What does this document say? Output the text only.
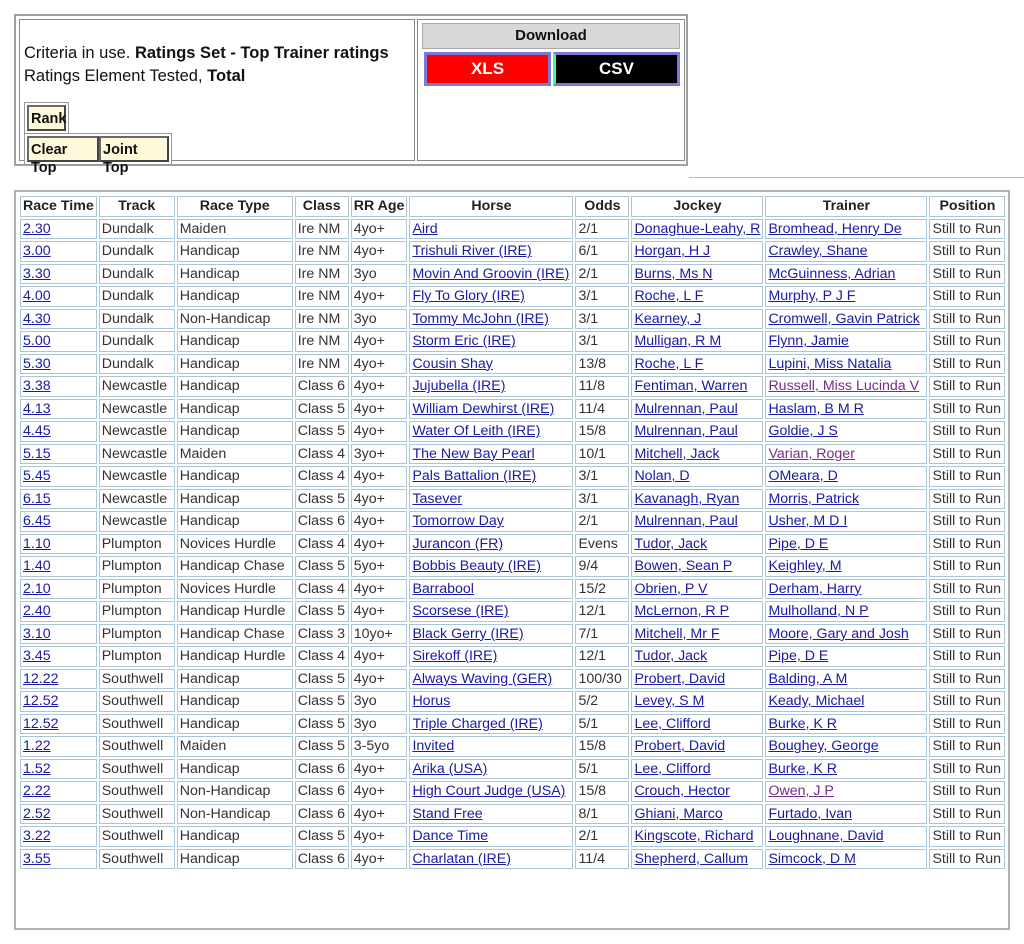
Criteria in use. Ratings Set - Top Trainer ratings
Ratings Element Tested, Total
Rank
Clear Top
Joint Top
Download
XLS	CSV
Race Time	Track	Race Type	Class	RR Age	Horse	Odds	Jockey	Trainer	Position
2.30	Dundalk	Maiden	Ire NM	4yo+	Aird	2/1	Donaghue-Leahy, R	Bromhead, Henry De	Still to Run
3.00	Dundalk	Handicap	Ire NM	4yo+	Trishuli River (IRE)	6/1	Horgan, H J	Crawley, Shane	Still to Run
3.30	Dundalk	Handicap	Ire NM	3yo	Movin And Groovin (IRE)	2/1	Burns, Ms N	McGuinness, Adrian	Still to Run
4.00	Dundalk	Handicap	Ire NM	4yo+	Fly To Glory (IRE)	3/1	Roche, L F	Murphy, P J F	Still to Run
4.30	Dundalk	Non-Handicap	Ire NM	3yo	Tommy McJohn (IRE)	3/1	Kearney, J	Cromwell, Gavin Patrick	Still to Run
5.00	Dundalk	Handicap	Ire NM	4yo+	Storm Eric (IRE)	3/1	Mulligan, R M	Flynn, Jamie	Still to Run
5.30	Dundalk	Handicap	Ire NM	4yo+	Cousin Shay	13/8	Roche, L F	Lupini, Miss Natalia	Still to Run
3.38	Newcastle	Handicap	Class 6	4yo+	Jujubella (IRE)	11/8	Fentiman, Warren	Russell, Miss Lucinda V	Still to Run
4.13	Newcastle	Handicap	Class 5	4yo+	William Dewhirst (IRE)	11/4	Mulrennan, Paul	Haslam, B M R	Still to Run
4.45	Newcastle	Handicap	Class 5	4yo+	Water Of Leith (IRE)	15/8	Mulrennan, Paul	Goldie, J S	Still to Run
5.15	Newcastle	Maiden	Class 4	3yo+	The New Bay Pearl	10/1	Mitchell, Jack	Varian, Roger	Still to Run
5.45	Newcastle	Handicap	Class 4	4yo+	Pals Battalion (IRE)	3/1	Nolan, D	OMeara, D	Still to Run
6.15	Newcastle	Handicap	Class 5	4yo+	Tasever	3/1	Kavanagh, Ryan	Morris, Patrick	Still to Run
6.45	Newcastle	Handicap	Class 6	4yo+	Tomorrow Day	2/1	Mulrennan, Paul	Usher, M D I	Still to Run
1.10	Plumpton	Novices Hurdle	Class 4	4yo+	Jurancon (FR)	Evens	Tudor, Jack	Pipe, D E	Still to Run
1.40	Plumpton	Handicap Chase	Class 5	5yo+	Bobbis Beauty (IRE)	9/4	Bowen, Sean P	Keighley, M	Still to Run
2.10	Plumpton	Novices Hurdle	Class 4	4yo+	Barrabool	15/2	Obrien, P V	Derham, Harry	Still to Run
2.40	Plumpton	Handicap Hurdle	Class 5	4yo+	Scorsese (IRE)	12/1	McLernon, R P	Mulholland, N P	Still to Run
3.10	Plumpton	Handicap Chase	Class 3	10yo+	Black Gerry (IRE)	7/1	Mitchell, Mr F	Moore, Gary and Josh	Still to Run
3.45	Plumpton	Handicap Hurdle	Class 4	4yo+	Sirekoff (IRE)	12/1	Tudor, Jack	Pipe, D E	Still to Run
12.22	Southwell	Handicap	Class 5	4yo+	Always Waving (GER)	100/30	Probert, David	Balding, A M	Still to Run
12.52	Southwell	Handicap	Class 5	3yo	Horus	5/2	Levey, S M	Keady, Michael	Still to Run
12.52	Southwell	Handicap	Class 5	3yo	Triple Charged (IRE)	5/1	Lee, Clifford	Burke, K R	Still to Run
1.22	Southwell	Maiden	Class 5	3-5yo	Invited	15/8	Probert, David	Boughey, George	Still to Run
1.52	Southwell	Handicap	Class 6	4yo+	Arika (USA)	5/1	Lee, Clifford	Burke, K R	Still to Run
2.22	Southwell	Non-Handicap	Class 6	4yo+	High Court Judge (USA)	15/8	Crouch, Hector	Owen, J P	Still to Run
2.52	Southwell	Non-Handicap	Class 6	4yo+	Stand Free	8/1	Ghiani, Marco	Furtado, Ivan	Still to Run
3.22	Southwell	Handicap	Class 5	4yo+	Dance Time	2/1	Kingscote, Richard	Loughnane, David	Still to Run
3.55	Southwell	Handicap	Class 6	4yo+	Charlatan (IRE)	11/4	Shepherd, Callum	Simcock, D M	Still to Run
